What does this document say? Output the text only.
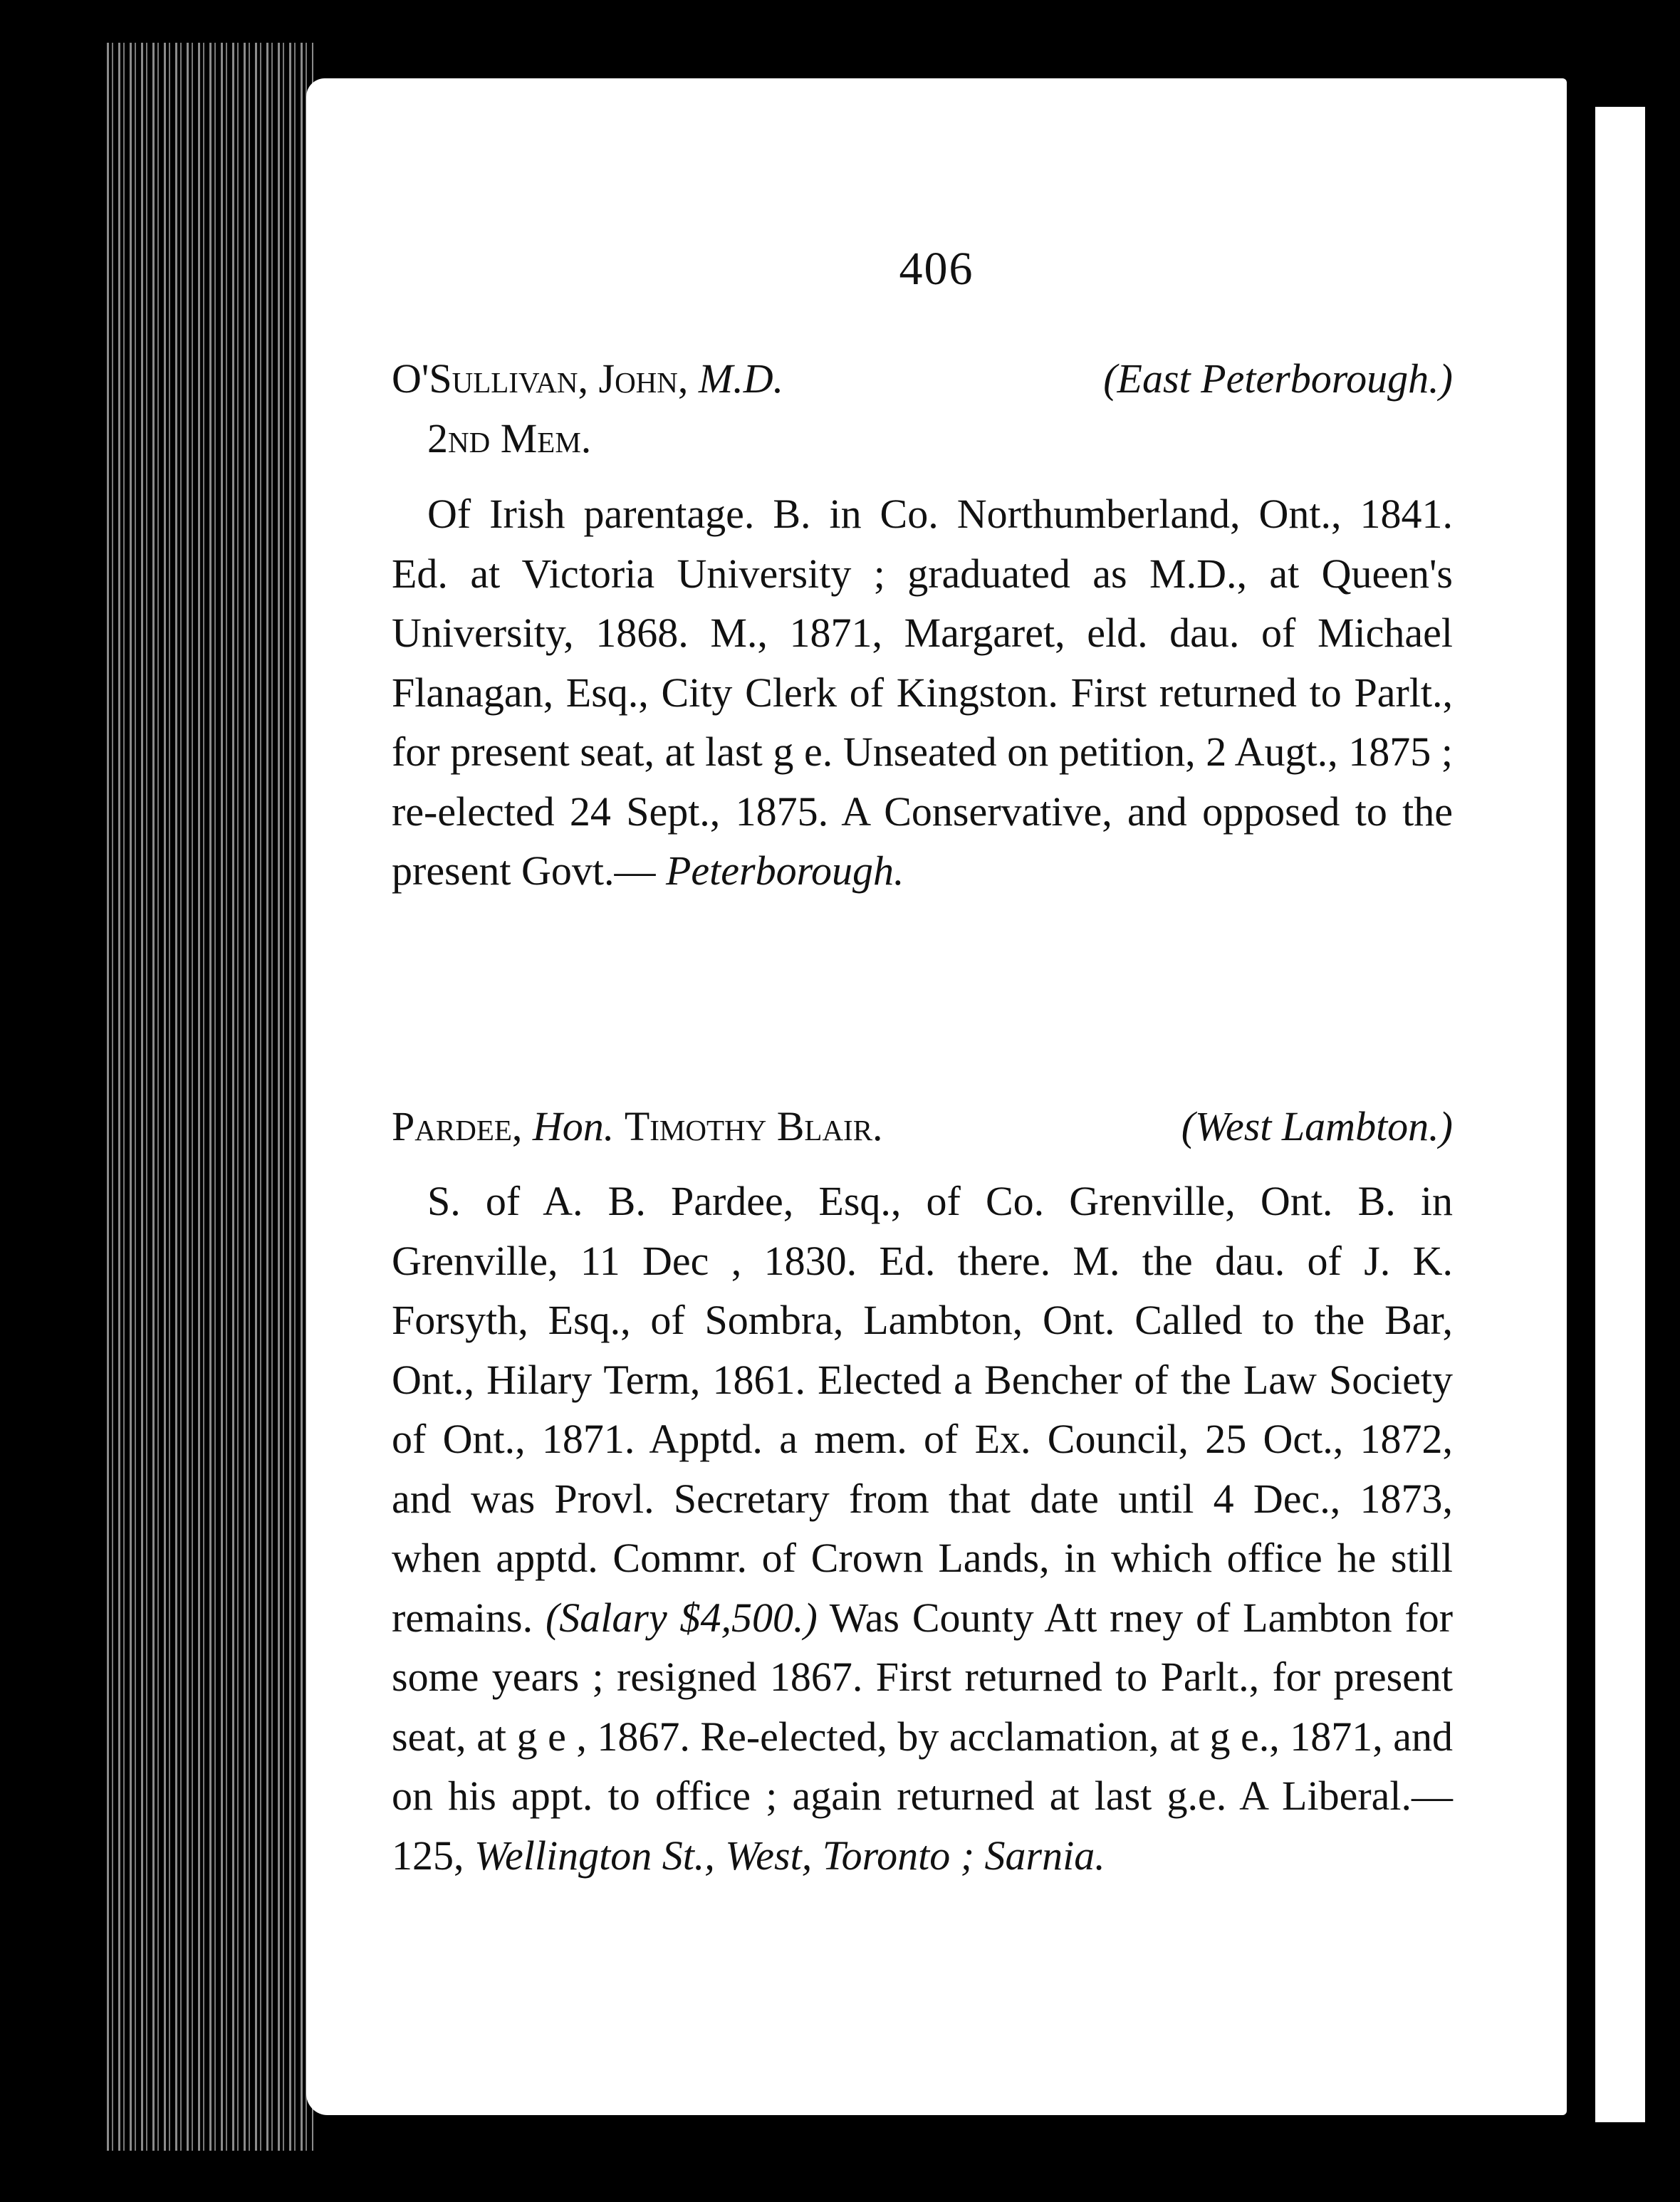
406
(East Peterborough.)
O'Sullivan, John, M.D.
2nd Mem.
Of Irish parentage. B. in Co. Northumberland, Ont., 1841. Ed. at Victoria University ; graduated as M.D., at Queen's University, 1868. M., 1871, Margaret, eld. dau. of Michael Flanagan, Esq., City Clerk of Kingston. First returned to Parlt., for present seat, at last g e. Unseated on petition, 2 Augt., 1875 ; re-elected 24 Sept., 1875. A Conservative, and opposed to the present Govt.— Peterborough.
(West Lambton.)
Pardee, Hon. Timothy Blair.
S. of A. B. Pardee, Esq., of Co. Grenville, Ont. B. in Grenville, 11 Dec , 1830. Ed. there. M. the dau. of J. K. Forsyth, Esq., of Sombra, Lambton, Ont. Called to the Bar, Ont., Hilary Term, 1861. Elected a Bencher of the Law Society of Ont., 1871. Apptd. a mem. of Ex. Council, 25 Oct., 1872, and was Provl. Secretary from that date until 4 Dec., 1873, when apptd. Commr. of Crown Lands, in which office he still remains. (Salary $4,500.) Was County Att rney of Lambton for some years ; resigned 1867. First returned to Parlt., for present seat, at g e , 1867. Re-elected, by acclamation, at g e., 1871, and on his appt. to office ; again returned at last g.e. A Liberal.—125, Wellington St., West, Toronto ; Sarnia.
